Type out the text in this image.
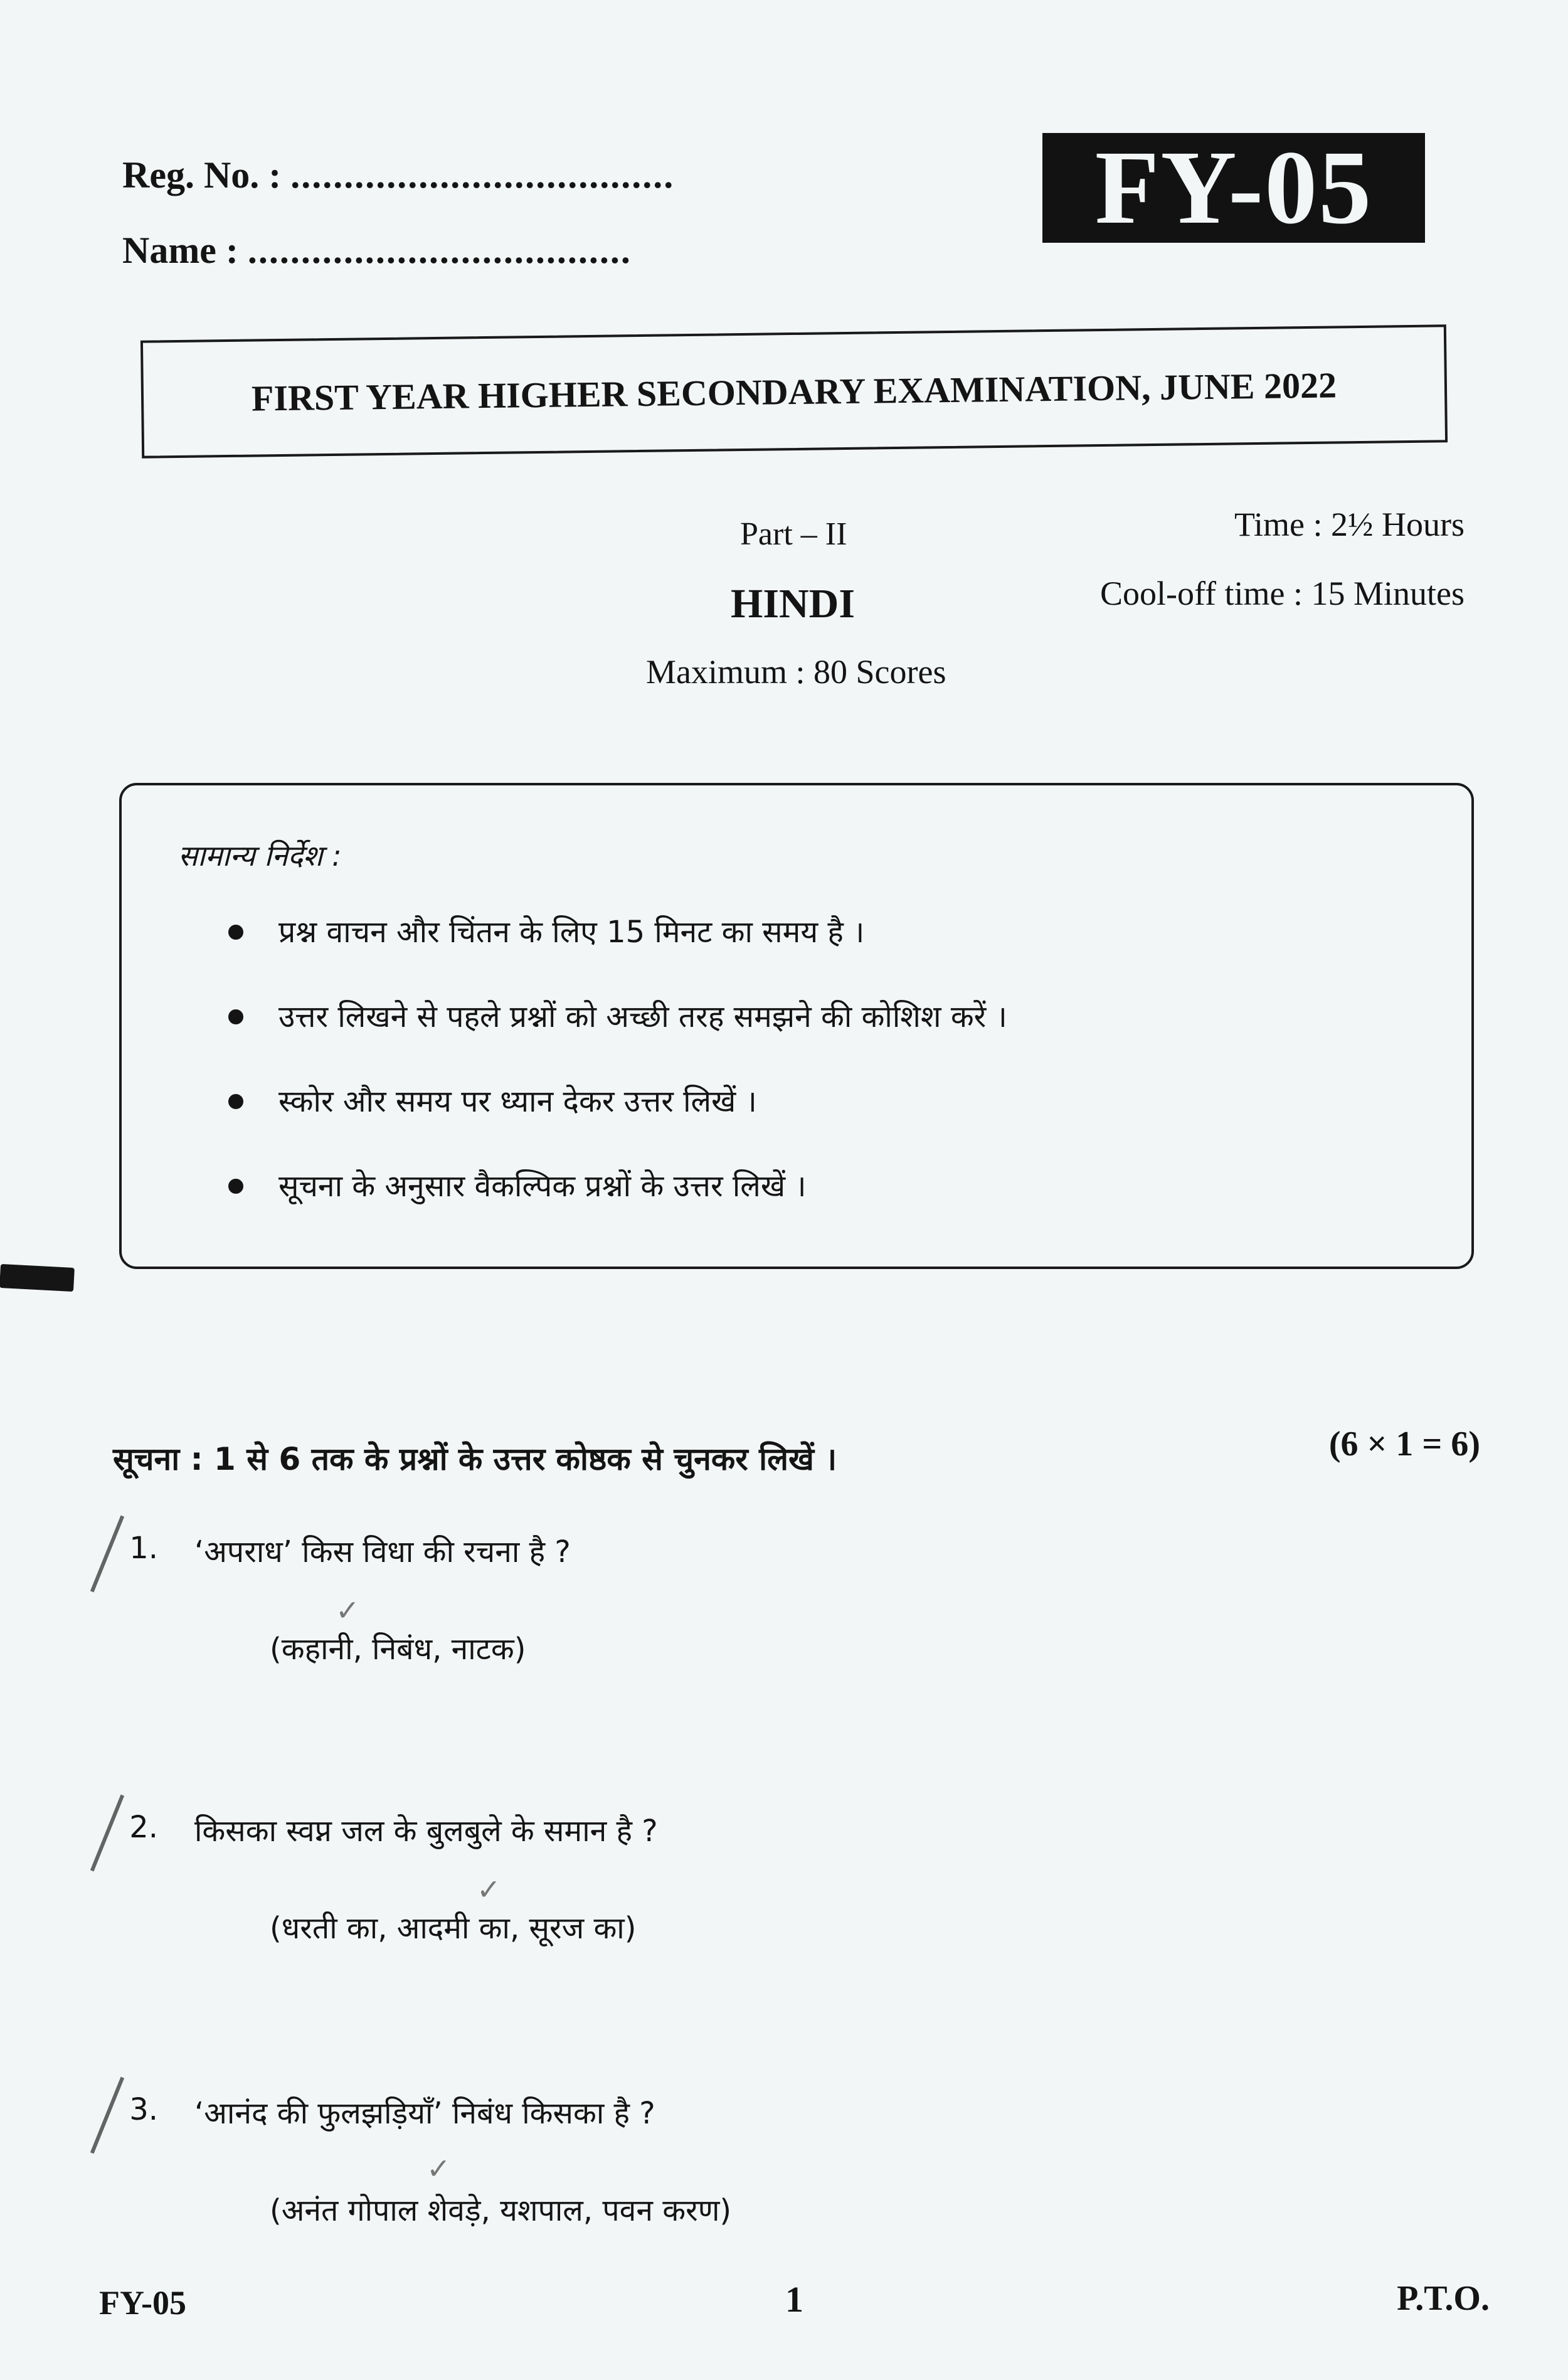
Reg. No. : ....................................
Name : ....................................
FY-05
FIRST YEAR HIGHER SECONDARY EXAMINATION, JUNE 2022
Part – II
HINDI
Maximum : 80 Scores
Time : 2½ Hours
Cool-off time : 15 Minutes
सामान्य निर्देश :
प्रश्न वाचन और चिंतन के लिए 15 मिनट का समय है ।
उत्तर लिखने से पहले प्रश्नों को अच्छी तरह समझने की कोशिश करें ।
स्कोर और समय पर ध्यान देकर उत्तर लिखें ।
सूचना के अनुसार वैकल्पिक प्रश्नों के उत्तर लिखें ।
सूचना : 1 से 6 तक के प्रश्नों के उत्तर कोष्ठक से चुनकर लिखें ।	(6 × 1 = 6)
1.	‘अपराध’ किस विधा की रचना है ?
(कहानी, निबंध, नाटक)
✓
2.	किसका स्वप्न जल के बुलबुले के समान है ?
(धरती का, आदमी का, सूरज का)
✓
3.	‘आनंद की फुलझड़ियाँ’ निबंध किसका है ?
(अनंत गोपाल शेवड़े, यशपाल, पवन करण)
✓
FY-05	1	P.T.O.
